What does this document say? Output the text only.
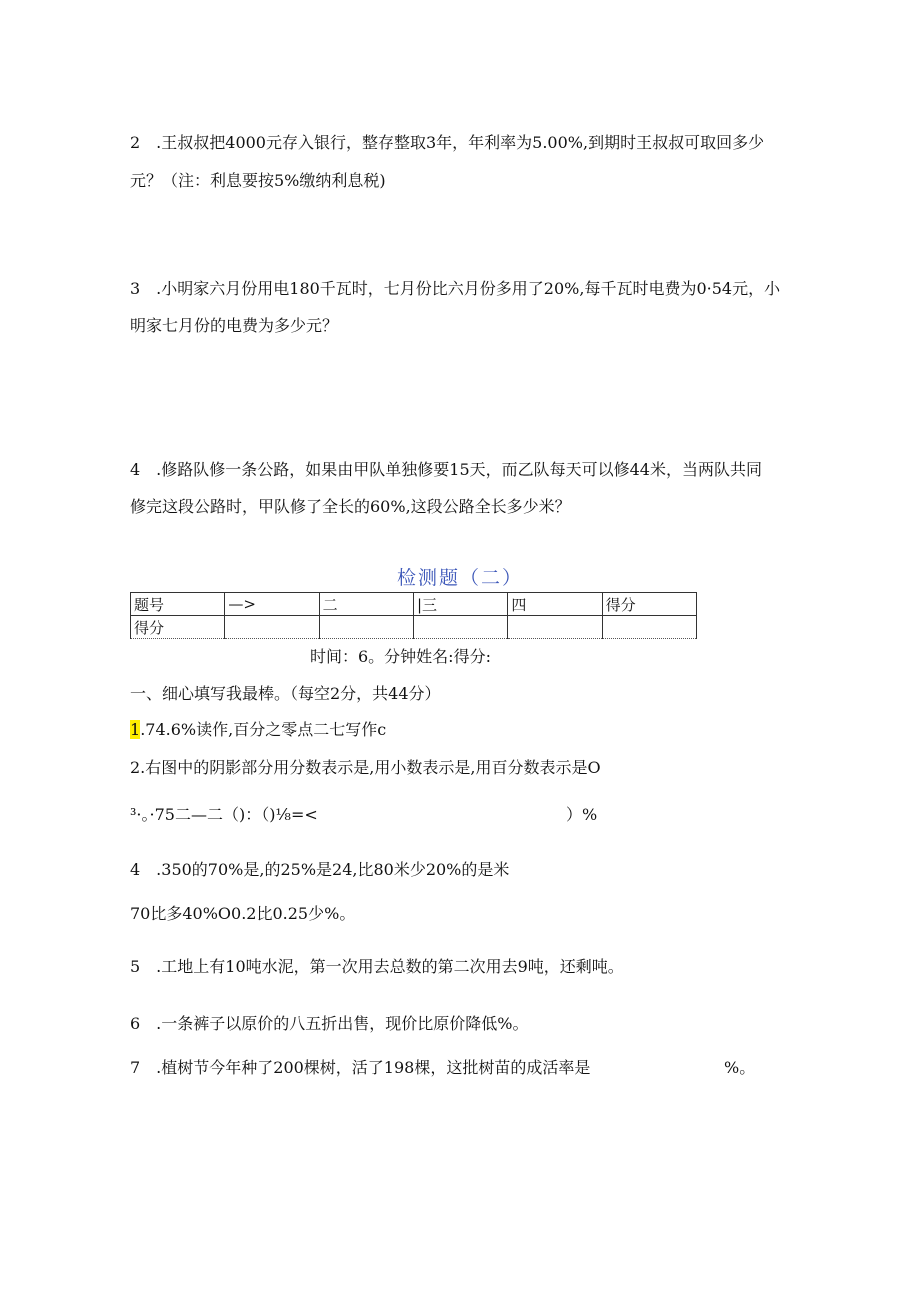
2　.王叔叔把4000元存入银行，整存整取3年，年利率为5.00%,到期时王叔叔可取回多少
元？（注：利息要按5%缴纳利息税)
3　.小明家六月份用电180千瓦时，七月份比六月份多用了20%,每千瓦时电费为0·54元，小
明家七月份的电费为多少元？
4　.修路队修一条公路，如果由甲队单独修要15天，而乙队每天可以修44米，当两队共同
修完这段公路时，甲队修了全长的60%,这段公路全长多少米？
检测题（二）
题号	—>	二	|三	四	得分
得分					
时间：6。分钟姓名:得分:
一、细心填写我最棒。（每空2分，共44分）
1.74.6%读作,百分之零点二七写作c
2.右图中的阴影部分用分数表示是,用小数表示是,用百分数表示是O
³·。·75二—二（)：（)⅛=<	）%
4　.350的70%是,的25%是24,比80米少20%的是米
70比多40%O0.2比0.25少%。
5　.工地上有10吨水泥，第一次用去总数的第二次用去9吨，还剩吨。
6　.一条裤子以原价的八五折出售，现价比原价降低%。
7　.植树节今年种了200棵树，活了198棵，这批树苗的成活率是	%。
